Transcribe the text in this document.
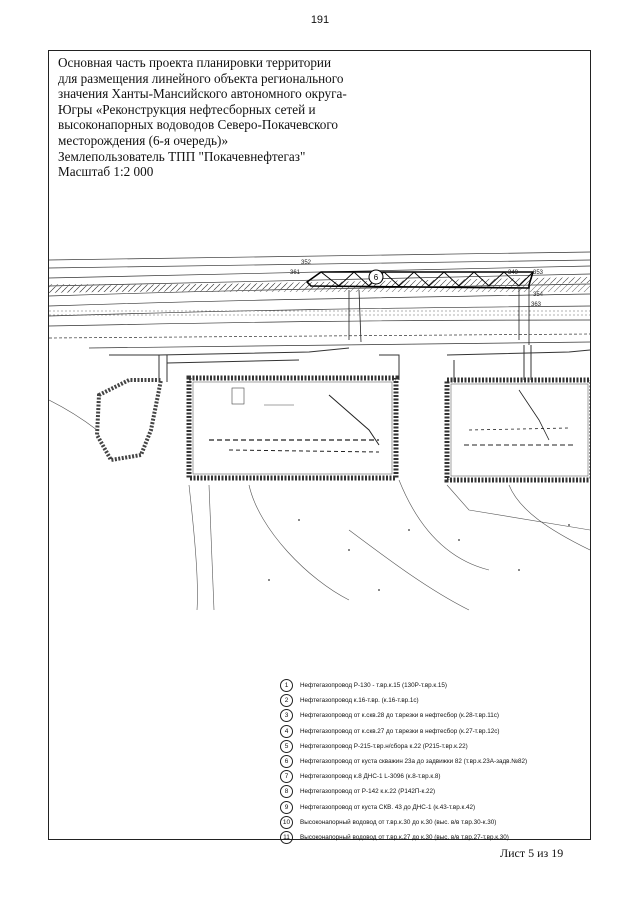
191
Основная часть проекта планировки территории
для размещения линейного объекта регионального
значения Ханты-Мансийского автономного округа-
Югры «Реконструкция нефтесборных сетей и
высоконапорных водоводов Северо-Покачевского
месторождения (6-я очередь)»
Землепользователь ТПП "Покачевнефтегаз"
Масштаб 1:2 000
6
352
361	349 353
354
363
1	Нефтегазопровод Р-130 - т.вр.к.15 (130Р-т.вр.к.15)
2	Нефтегазопровод к.16-т.вр. (к.16-т.вр.1с)
3	Нефтегазопровод от к.скв.28 до т.врезки в нефтесбор (к.28-т.вр.11с)
4	Нефтегазопровод от к.скв.27 до т.врезки в нефтесбор (к.27-т.вр.12с)
5	Нефтегазопровод Р-215-т.вр.н/сбора к.22 (Р215-т.вр.к.22)
6	Нефтегазопровод от куста скважин 23а до задвижки 82 (т.вр.к.23А-задв.№82)
7	Нефтегазопровод к.8 ДНС-1 L-3096 (к.8-т.вр.к.8)
8	Нефтегазопровод от Р-142 к.к.22 (Р142П-к.22)
9	Нефтегазопровод от куста СКВ. 43 до ДНС-1 (к.43-т.вр.к.42)
10	Высоконапорный водовод от т.вр.к.30 до к.30 (выс. в/в т.вр.30-к.30)
11	Высоконапорный водовод от т.вр.к.27 до к.30 (выс. в/в т.вр.27-т.вр.к.30)
Лист 5 из 19
